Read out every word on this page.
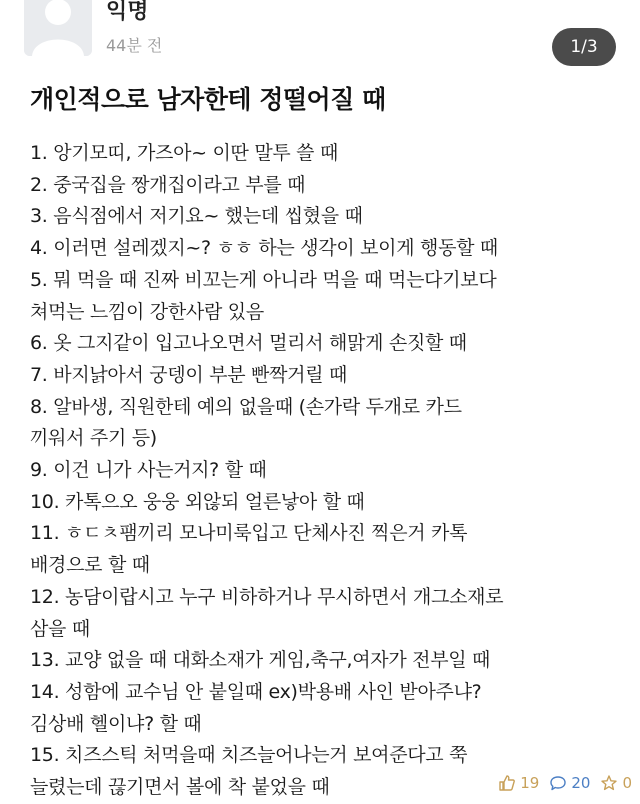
익명
44분 전	1/3
개인적으로 남자한테 정떨어질 때
1. 앙기모띠, 가즈아~ 이딴 말투 쓸 때
2. 중국집을 짱개집이라고 부를 때
3. 음식점에서 저기요~ 했는데 씹혔을 때
4. 이러면 설레겠지~? ㅎㅎ 하는 생각이 보이게 행동할 때
5. 뭐 먹을 때 진짜 비꼬는게 아니라 먹을 때 먹는다기보다
쳐먹는 느낌이 강한사람 있음
6. 옷 그지같이 입고나오면서 멀리서 해맑게 손짓할 때
7. 바지낡아서 궁뎅이 부분 빤짝거릴 때
8. 알바생, 직원한테 예의 없을때 (손가락 두개로 카드
끼워서 주기 등)
9. 이건 니가 사는거지? 할 때
10. 카톡으오 웅웅 외않되 얼른낳아 할 때
11. ㅎㄷㅊ팸끼리 모나미룩입고 단체사진 찍은거 카톡
배경으로 할 때
12. 농담이랍시고 누구 비하하거나 무시하면서 개그소재로
삼을 때
13. 교양 없을 때 대화소재가 게임,축구,여자가 전부일 때
14. 성함에 교수님 안 붙일때 ex)박용배 사인 받아주냐?
김상배 헬이냐? 할 때
15. 치즈스틱 처먹을때 치즈늘어나는거 보여준다고 쭉
늘렸는데 끊기면서 볼에 착 붙었을 때	19 20 0
